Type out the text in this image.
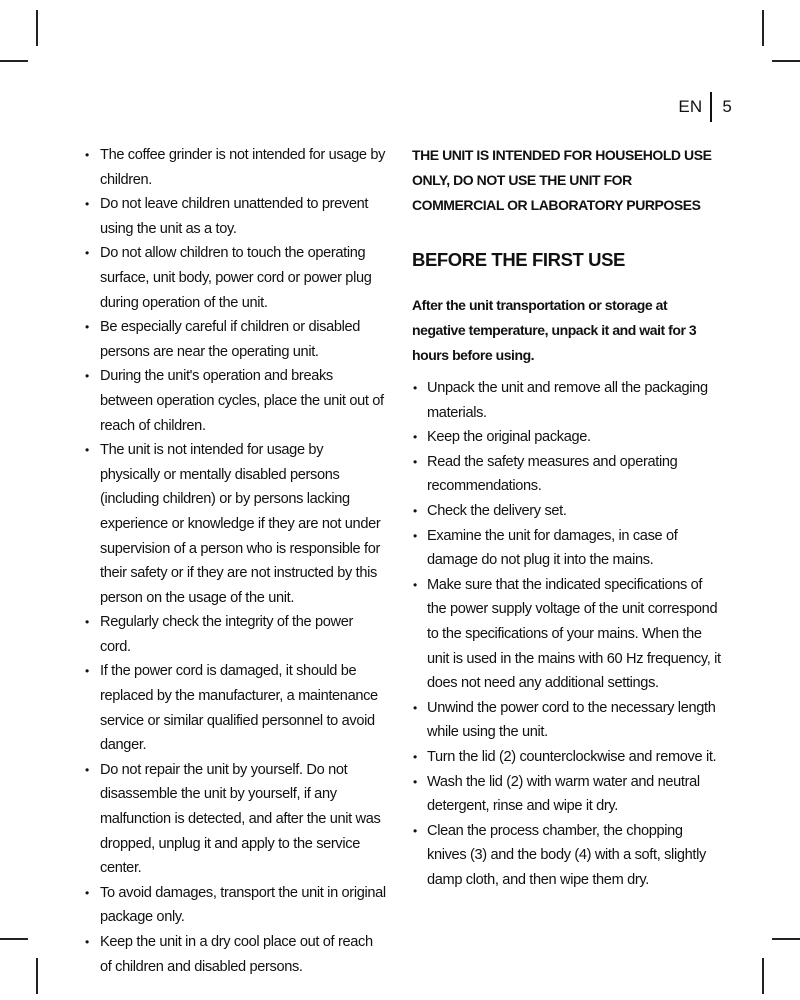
EN	5
• The coffee grinder is not intended for usage by children.
• Do not leave children unattended to prevent using the unit as a toy.
• Do not allow children to touch the operating surface, unit body, power cord or power plug during operation of the unit.
• Be especially careful if children or disabled persons are near the operating unit.
• During the unit's operation and breaks between operation cycles, place the unit out of reach of children.
• The unit is not intended for usage by physically or mentally disabled persons (including children) or by persons lacking experience or knowledge if they are not under supervision of a person who is responsible for their safety or if they are not instructed by this person on the usage of the unit.
• Regularly check the integrity of the power cord.
• If the power cord is damaged, it should be replaced by the manufacturer, a maintenance service or similar qualified personnel to avoid danger.
• Do not repair the unit by yourself. Do not disassemble the unit by yourself, if any malfunction is detected, and after the unit was dropped, unplug it and apply to the service center.
• To avoid damages, transport the unit in original package only.
• Keep the unit in a dry cool place out of reach of children and disabled persons.

THE UNIT IS INTENDED FOR HOUSEHOLD USE ONLY, DO NOT USE THE UNIT FOR COMMERCIAL OR LABORATORY PURPOSES

BEFORE THE FIRST USE

After the unit transportation or storage at negative temperature, unpack it and wait for 3 hours before using.

• Unpack the unit and remove all the packaging materials.
• Keep the original package.
• Read the safety measures and operating recommendations.
• Check the delivery set.
• Examine the unit for damages, in case of damage do not plug it into the mains.
• Make sure that the indicated specifications of the power supply voltage of the unit correspond to the specifications of your mains. When the unit is used in the mains with 60 Hz frequency, it does not need any additional settings.
• Unwind the power cord to the necessary length while using the unit.
• Turn the lid (2) counterclockwise and remove it.
• Wash the lid (2) with warm water and neutral detergent, rinse and wipe it dry.
• Clean the process chamber, the chopping knives (3) and the body (4) with a soft, slightly damp cloth, and then wipe them dry.
